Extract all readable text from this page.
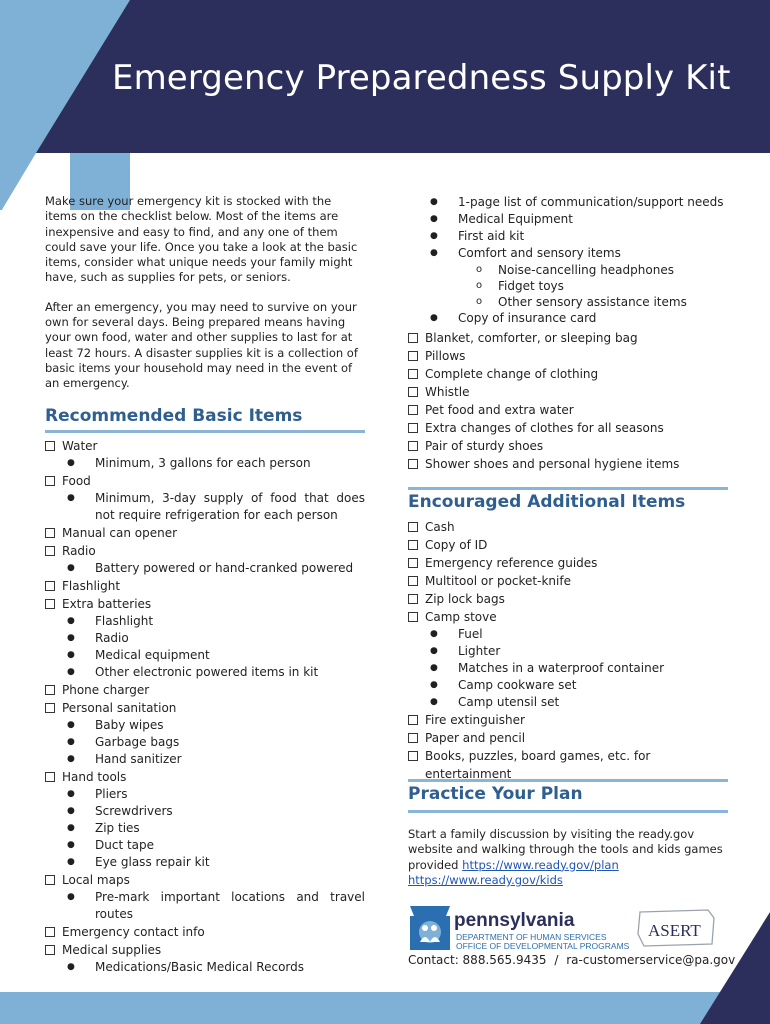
Emergency Preparedness Supply Kit

Make sure your emergency kit is stocked with the items on the checklist below. Most of the items are inexpensive and easy to find, and any one of them could save your life. Once you take a look at the basic items, consider what unique needs your family might have, such as supplies for pets, or seniors.

After an emergency, you may need to survive on your own for several days. Being prepared means having your own food, water and other supplies to last for at least 72 hours. A disaster supplies kit is a collection of basic items your household may need in the event of an emergency.

Recommended Basic Items
Water
●	Minimum, 3 gallons for each person
Food
●	Minimum, 3-day supply of food that does not require refrigeration for each person
Manual can opener
Radio
●	Battery powered or hand-cranked powered
Flashlight
Extra batteries
●	Flashlight
●	Radio
●	Medical equipment
●	Other electronic powered items in kit
Phone charger
Personal sanitation
●	Baby wipes
●	Garbage bags
●	Hand sanitizer
Hand tools
●	Pliers
●	Screwdrivers
●	Zip ties
●	Duct tape
●	Eye glass repair kit
Local maps
●	Pre-mark important locations and travel routes
Emergency contact info
Medical supplies
●	Medications/Basic Medical Records
●	1-page list of communication/support needs
●	Medical Equipment
●	First aid kit
●	Comfort and sensory items
o	Noise-cancelling headphones
o	Fidget toys
o	Other sensory assistance items
●	Copy of insurance card
Blanket, comforter, or sleeping bag
Pillows
Complete change of clothing
Whistle
Pet food and extra water
Extra changes of clothes for all seasons
Pair of sturdy shoes
Shower shoes and personal hygiene items
Encouraged Additional Items
Cash
Copy of ID
Emergency reference guides
Multitool or pocket-knife
Zip lock bags
Camp stove
●	Fuel
●	Lighter
●	Matches in a waterproof container
●	Camp cookware set
●	Camp utensil set
Fire extinguisher
Paper and pencil
Books, puzzles, board games, etc. for entertainment
Practice Your Plan

Start a family discussion by visiting the ready.gov website and walking through the tools and kids games provided https://www.ready.gov/plan
https://www.ready.gov/kids

pennsylvania
DEPARTMENT OF HUMAN SERVICES
OFFICE OF DEVELOPMENTAL PROGRAMS
ASERT
Contact: 888.565.9435 / ra-customerservice@pa.gov
